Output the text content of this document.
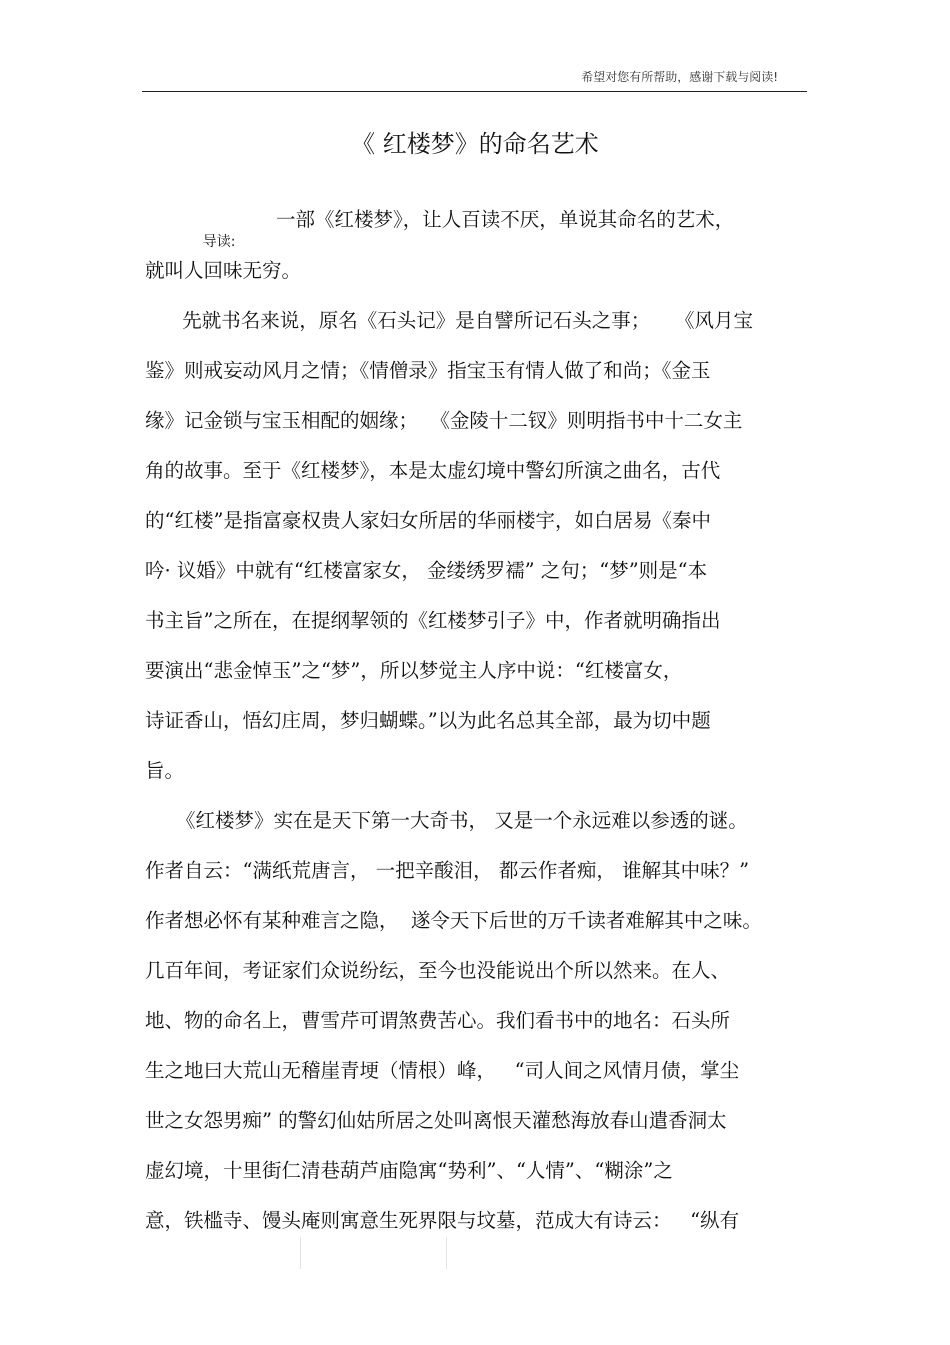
希望对您有所帮助，感谢下载与阅读!
《 红楼梦》的命名艺术

导读:

一部《红楼梦》，让人百读不厌，单说其命名的艺术，
就叫人回味无穷。
先就书名来说，原名《石头记》是自譬所记石头之事；    《风月宝
鉴》则戒妄动风月之情；《情僧录》指宝玉有情人做了和尚；《金玉
缘》记金锁与宝玉相配的姻缘；  《金陵十二钗》则明指书中十二女主
角的故事。至于《红楼梦》，本是太虚幻境中警幻所演之曲名，古代
的“红楼”是指富豪权贵人家妇女所居的华丽楼宇，如白居易《秦中
吟· 议婚》中就有“红楼富家女， 金缕绣罗襦” 之句；“梦”则是“本
书主旨”之所在，在提纲挈领的《红楼梦引子》中，作者就明确指出
要演出“悲金悼玉”之“梦”，所以梦觉主人序中说：“红楼富女，
诗证香山，悟幻庄周，梦归蝴蝶。”以为此名总其全部，最为切中题
旨。
《红楼梦》实在是天下第一大奇书， 又是一个永远难以参透的谜。
作者自云：“满纸荒唐言， 一把辛酸泪， 都云作者痴， 谁解其中味？”
作者想必怀有某种难言之隐，  遂令天下后世的万千读者难解其中之味。
几百年间，考证家们众说纷纭，至今也没能说出个所以然来。在人、
地、物的命名上，曹雪芹可谓煞费苦心。我们看书中的地名：石头所
生之地曰大荒山无稽崖青埂（情根）峰，   “司人间之风情月债，掌尘
世之女怨男痴” 的警幻仙姑所居之处叫离恨天灌愁海放春山遣香洞太
虚幻境，十里街仁清巷葫芦庙隐寓“势利”、“人情”、“糊涂”之
意，铁槛寺、馒头庵则寓意生死界限与坟墓，范成大有诗云：   “纵有
